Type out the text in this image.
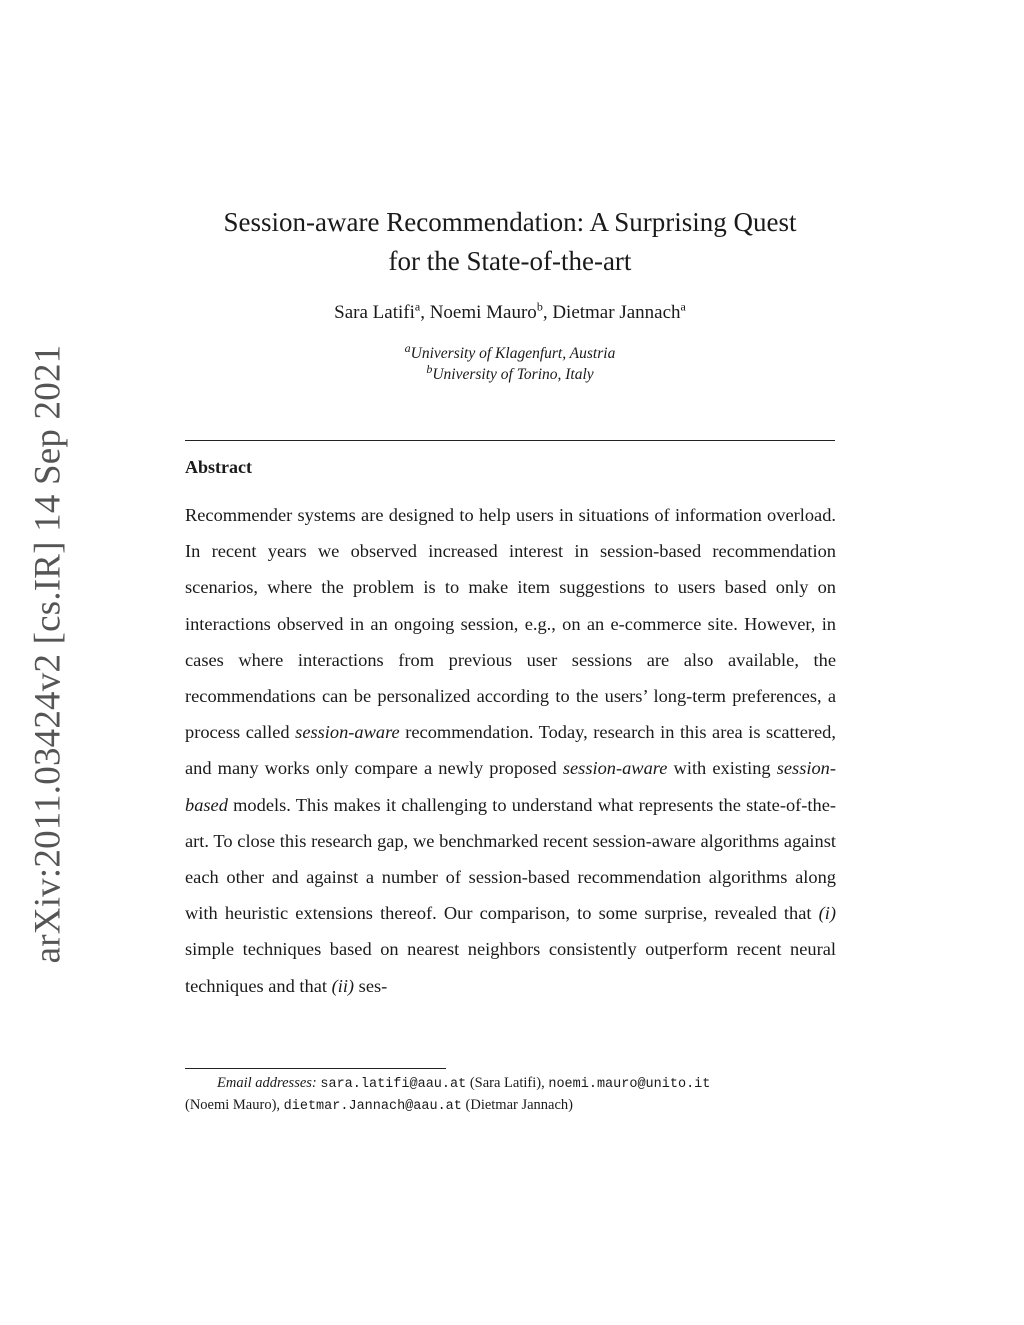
arXiv:2011.03424v2 [cs.IR] 14 Sep 2021
Session-aware Recommendation: A Surprising Quest
for the State-of-the-art
Sara Latifi$^a$, Noemi Mauro$^b$, Dietmar Jannach$^a$
$^a$University of Klagenfurt, Austria
$^b$University of Torino, Italy
Abstract
Recommender systems are designed to help users in situations of information overload. In recent years we observed increased interest in session-based recommendation scenarios, where the problem is to make item suggestions to users based only on interactions observed in an ongoing session, e.g., on an e-commerce site. However, in cases where interactions from previous user sessions are also available, the recommendations can be personalized according to the users’ long-term preferences, a process called session-aware recommendation. Today, research in this area is scattered, and many works only compare a newly proposed session-aware with existing session-based models. This makes it challenging to understand what represents the state-of-the-art. To close this research gap, we benchmarked recent session-aware algorithms against each other and against a number of session-based recommendation algorithms along with heuristic extensions thereof. Our comparison, to some surprise, revealed that (i) simple techniques based on nearest neighbors consistently outperform recent neural techniques and that (ii) ses-
Email addresses: sara.latifi@aau.at (Sara Latifi), noemi.mauro@unito.it
(Noemi Mauro), dietmar.Jannach@aau.at (Dietmar Jannach)
